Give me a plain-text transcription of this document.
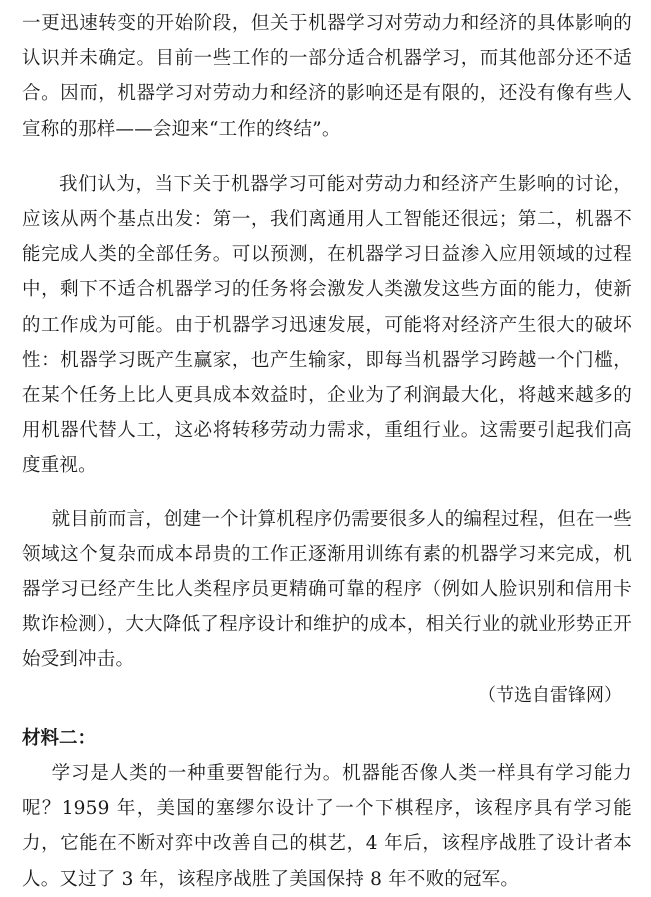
一更迅速转变的开始阶段，但关于机器学习对劳动力和经济的具体影响的认识并未确定。目前一些工作的一部分适合机器学习，而其他部分还不适合。因而，机器学习对劳动力和经济的影响还是有限的，还没有像有些人宣称的那样——会迎来“工作的终结”。

我们认为，当下关于机器学习可能对劳动力和经济产生影响的讨论，应该从两个基点出发：第一，我们离通用人工智能还很远；第二，机器不能完成人类的全部任务。可以预测，在机器学习日益渗入应用领域的过程中，剩下不适合机器学习的任务将会激发人类激发这些方面的能力，使新的工作成为可能。由于机器学习迅速发展，可能将对经济产生很大的破坏性：机器学习既产生赢家，也产生输家，即每当机器学习跨越一个门槛，在某个任务上比人更具成本效益时，企业为了利润最大化，将越来越多的用机器代替人工，这必将转移劳动力需求，重组行业。这需要引起我们高度重视。

就目前而言，创建一个计算机程序仍需要很多人的编程过程，但在一些领域这个复杂而成本昂贵的工作正逐渐用训练有素的机器学习来完成，机器学习已经产生比人类程序员更精确可靠的程序（例如人脸识别和信用卡欺诈检测），大大降低了程序设计和维护的成本，相关行业的就业形势正开始受到冲击。

（节选自雷锋网）

材料二：

学习是人类的一种重要智能行为。机器能否像人类一样具有学习能力呢？1959 年，美国的塞缪尔设计了一个下棋程序，该程序具有学习能力，它能在不断对弈中改善自己的棋艺，4 年后，该程序战胜了设计者本人。又过了 3 年，该程序战胜了美国保持 8 年不败的冠军。
